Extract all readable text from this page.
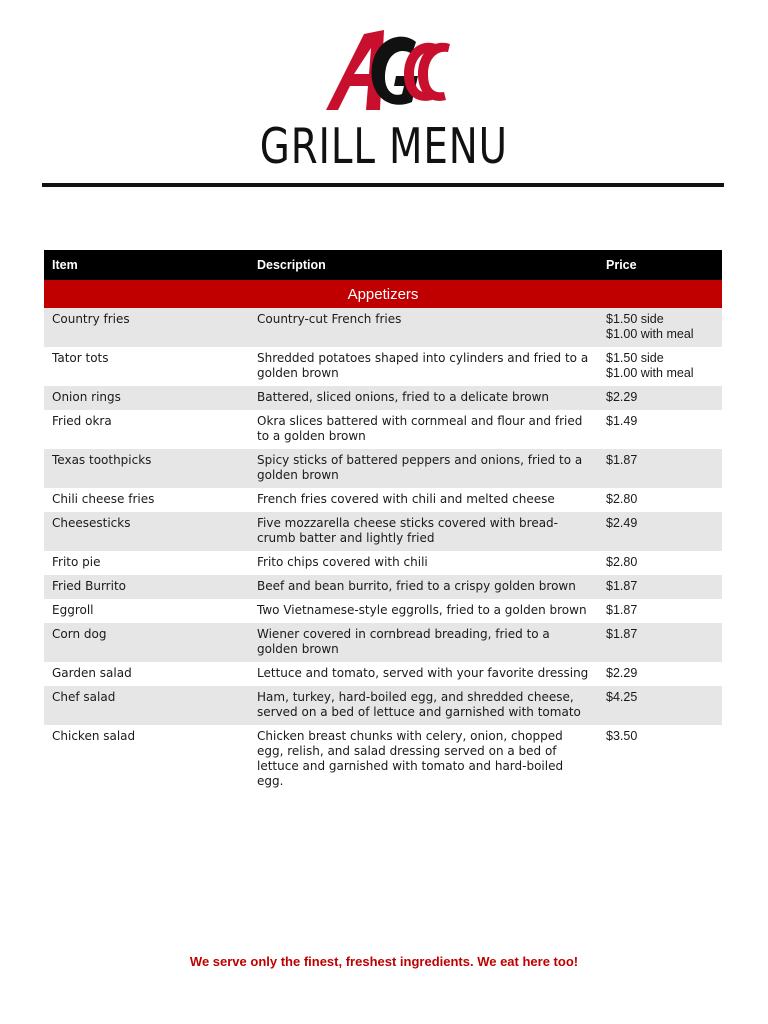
GRILL MENU
Item	Description	Price
Appetizers		
Country fries	Country-cut French fries	$1.50 side
$1.00 with meal

Tator tots	Shredded potatoes shaped into cylinders and fried to a golden brown	$1.50 side
$1.00 with meal

Onion rings	Battered, sliced onions, fried to a delicate brown	$2.29

Fried okra	Okra slices battered with cornmeal and flour and fried to a golden brown	$1.49

Texas toothpicks	Spicy sticks of battered peppers and onions, fried to a golden brown	$1.87

Chili cheese fries	French fries covered with chili and melted cheese	$2.80

Cheesesticks	Five mozzarella cheese sticks covered with bread-crumb batter and lightly fried	$2.49

Frito pie	Frito chips covered with chili	$2.80

Fried Burrito	Beef and bean burrito, fried to a crispy golden brown	$1.87

Eggroll	Two Vietnamese-style eggrolls, fried to a golden brown	$1.87

Corn dog	Wiener covered in cornbread breading, fried to a golden brown	$1.87

Garden salad	Lettuce and tomato, served with your favorite dressing	$2.29

Chef salad	Ham, turkey, hard-boiled egg, and shredded cheese, served on a bed of lettuce and garnished with tomato	$4.25

Chicken salad	Chicken breast chunks with celery, onion, chopped egg, relish, and salad dressing served on a bed of lettuce and garnished with tomato and hard-boiled egg.	$3.50
We serve only the finest, freshest ingredients. We eat here too!
